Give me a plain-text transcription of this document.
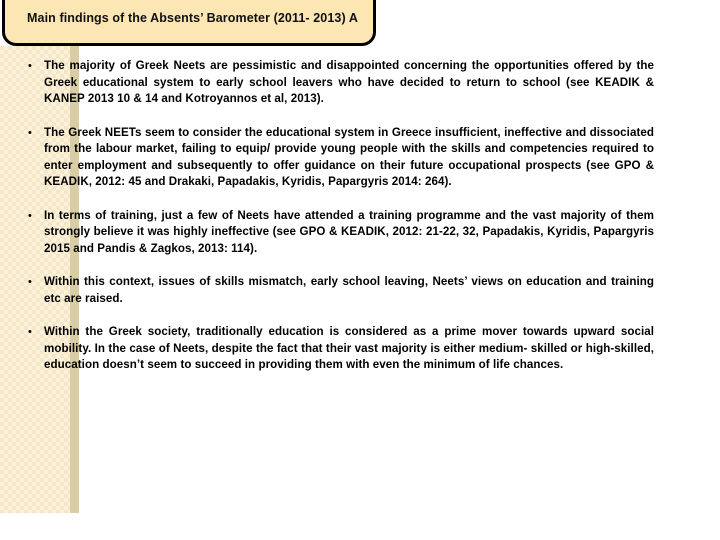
Main findings of the Absents’ Barometer (2011- 2013) A
•	The majority of Greek Neets are pessimistic and disappointed concerning the opportunities offered by the Greek educational system to early school leavers who have decided to return to school (see KEADIK & KANEP 2013 10 & 14 and Kotroyannos et al, 2013).
•	The Greek NEETs seem to consider the educational system in Greece insufficient, ineffective and dissociated from the labour market, failing to equip/ provide young people with the skills and competencies required to enter employment and subsequently to offer guidance on their future occupational prospects (see GPO & KEADIK, 2012: 45 and Drakaki, Papadakis, Kyridis, Papargyris 2014: 264).
•	In terms of training, just a few of Neets have attended a training programme and the vast majority of them strongly believe it was highly ineffective (see GPO & KEADIK, 2012: 21-22, 32, Papadakis, Kyridis, Papargyris 2015 and Pandis & Zagkos, 2013: 114).
•	Within this context, issues of skills mismatch, early school leaving, Neets’ views on education and training etc are raised.
•	Within the Greek society, traditionally education is considered as a prime mover towards upward social mobility. In the case of Neets, despite the fact that their vast majority is either medium- skilled or high-skilled, education doesn’t seem to succeed in providing them with even the minimum of life chances.
